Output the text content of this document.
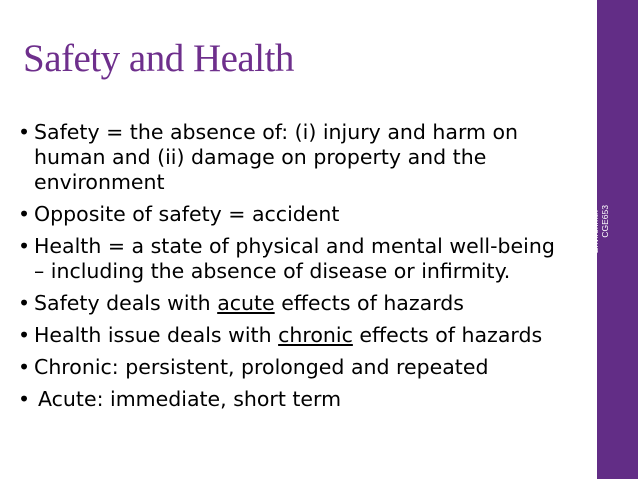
Safety and Health
• Safety = the absence of: (i) injury and harm on
human and (ii) damage on property and the
environment
• Opposite of safety = accident
• Health = a state of physical and mental well-being
– including the absence of disease or infirmity.
• Safety deals with acute effects of hazards
• Health issue deals with chronic effects of hazards
• Chronic: persistent, prolonged and repeated
• Acute: immediate, short term
Health, Safety & Environmtn - CGE653
